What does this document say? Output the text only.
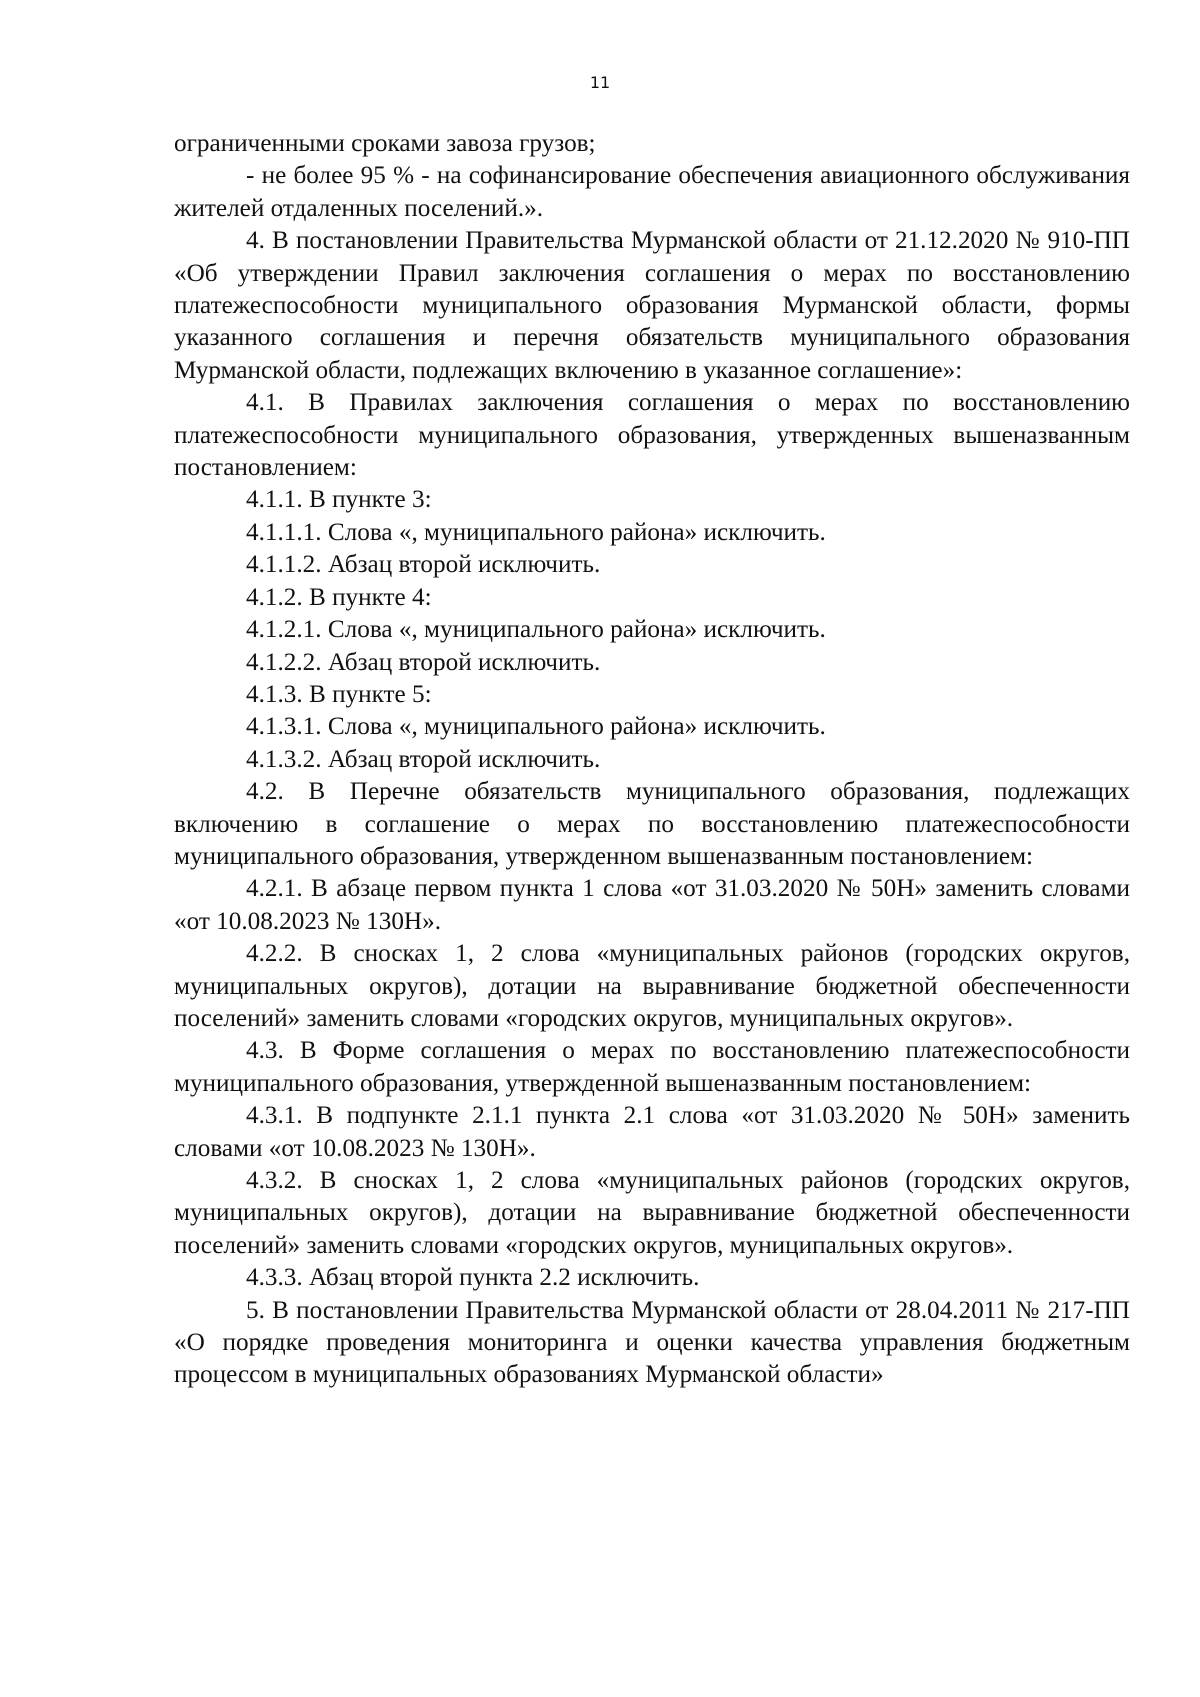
11

ограниченными сроками завоза грузов;

- не более 95 % - на софинансирование обеспечения авиационного обслуживания жителей отдаленных поселений.».

4. В постановлении Правительства Мурманской области от 21.12.2020 № 910-ПП «Об утверждении Правил заключения соглашения о мерах по восстановлению платежеспособности муниципального образования Мурманской области, формы указанного соглашения и перечня обязательств муниципального образования Мурманской области, подлежащих включению в указанное соглашение»:

4.1. В Правилах заключения соглашения о мерах по восстановлению платежеспособности муниципального образования, утвержденных вышеназванным постановлением:

4.1.1. В пункте 3:

4.1.1.1. Слова «, муниципального района» исключить.

4.1.1.2. Абзац второй исключить.

4.1.2. В пункте 4:

4.1.2.1. Слова «, муниципального района» исключить.

4.1.2.2. Абзац второй исключить.

4.1.3. В пункте 5:

4.1.3.1. Слова «, муниципального района» исключить.

4.1.3.2. Абзац второй исключить.

4.2. В Перечне обязательств муниципального образования, подлежащих включению в соглашение о мерах по восстановлению платежеспособности муниципального образования, утвержденном вышеназванным постановлением:

4.2.1. В абзаце первом пункта 1 слова «от 31.03.2020 № 50Н» заменить словами «от 10.08.2023 № 130Н».

4.2.2. В сносках 1, 2 слова «муниципальных районов (городских округов, муниципальных округов), дотации на выравнивание бюджетной обеспеченности поселений» заменить словами «городских округов, муниципальных округов».

4.3. В Форме соглашения о мерах по восстановлению платежеспособности муниципального образования, утвержденной вышеназванным постановлением:

4.3.1. В подпункте 2.1.1 пункта 2.1 слова «от 31.03.2020 № 50Н» заменить словами «от 10.08.2023 № 130Н».

4.3.2. В сносках 1, 2 слова «муниципальных районов (городских округов, муниципальных округов), дотации на выравнивание бюджетной обеспеченности поселений» заменить словами «городских округов, муниципальных округов».

4.3.3. Абзац второй пункта 2.2 исключить.

5. В постановлении Правительства Мурманской области от 28.04.2011 № 217-ПП «О порядке проведения мониторинга и оценки качества управления бюджетным процессом в муниципальных образованиях Мурманской области»
